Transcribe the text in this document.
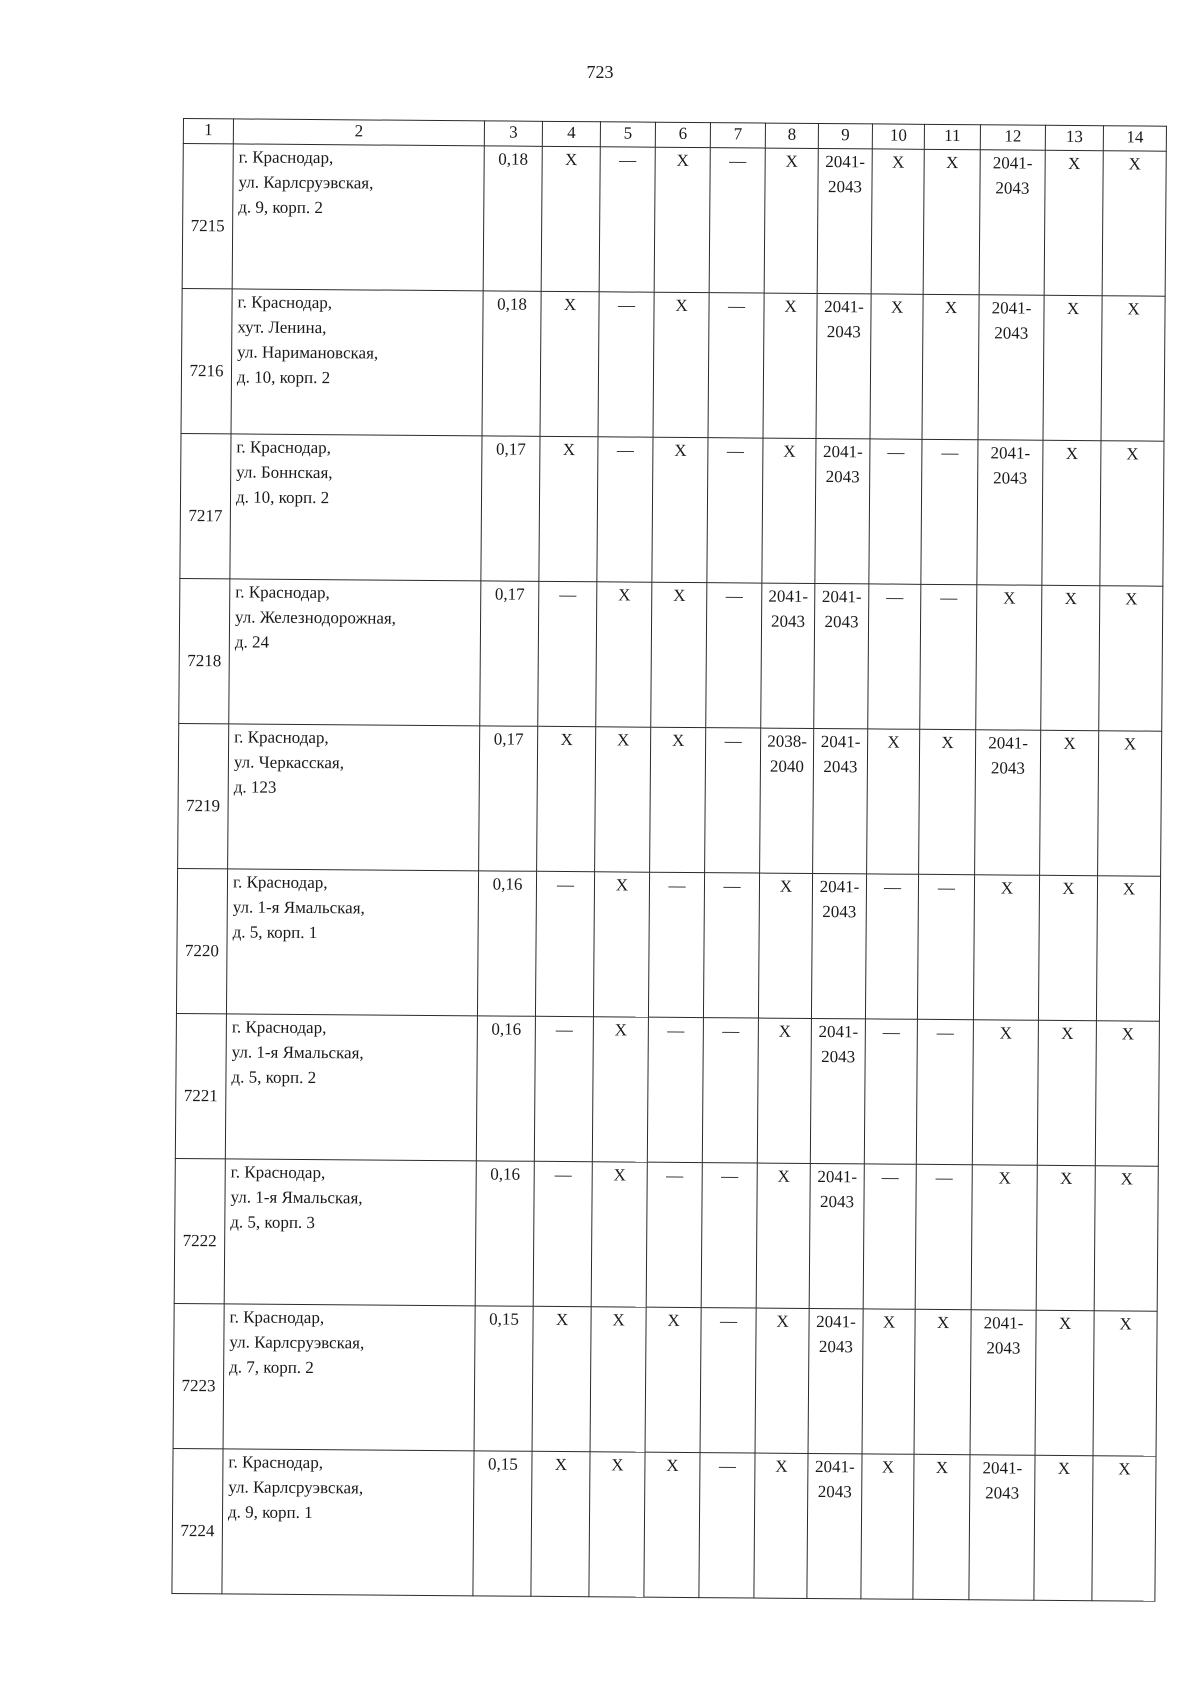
723
1	2	3	4	5	6	7	8	9	10	11	12	13	14

7215	г. Краснодар,
ул. Карлсруэвская,
д. 9, корп. 2	0,18	Х	—	Х	—	Х	2041-
2043	Х	Х	2041-
2043	Х	Х

7216	г. Краснодар,
хут. Ленина,
ул. Наримановская,
д. 10, корп. 2	0,18	Х	—	Х	—	Х	2041-
2043	Х	Х	2041-
2043	Х	Х

7217	г. Краснодар,
ул. Боннская,
д. 10, корп. 2	0,17	Х	—	Х	—	Х	2041-
2043	—	—	2041-
2043	Х	Х

7218	г. Краснодар,
ул. Железнодорожная,
д. 24	0,17	—	Х	Х	—	2041-
2043	2041-
2043	—	—	Х	Х	Х

7219	г. Краснодар,
ул. Черкасская,
д. 123	0,17	Х	Х	Х	—	2038-
2040	2041-
2043	Х	Х	2041-
2043	Х	Х

7220	г. Краснодар,
ул. 1-я Ямальская,
д. 5, корп. 1	0,16	—	Х	—	—	Х	2041-
2043	—	—	Х	Х	Х

7221	г. Краснодар,
ул. 1-я Ямальская,
д. 5, корп. 2	0,16	—	Х	—	—	Х	2041-
2043	—	—	Х	Х	Х

7222	г. Краснодар,
ул. 1-я Ямальская,
д. 5, корп. 3	0,16	—	Х	—	—	Х	2041-
2043	—	—	Х	Х	Х

7223	г. Краснодар,
ул. Карлсруэвская,
д. 7, корп. 2	0,15	Х	Х	Х	—	Х	2041-
2043	Х	Х	2041-
2043	Х	Х

7224	г. Краснодар,
ул. Карлсруэвская,
д. 9, корп. 1	0,15	Х	Х	Х	—	Х	2041-
2043	Х	Х	2041-
2043	Х	Х
